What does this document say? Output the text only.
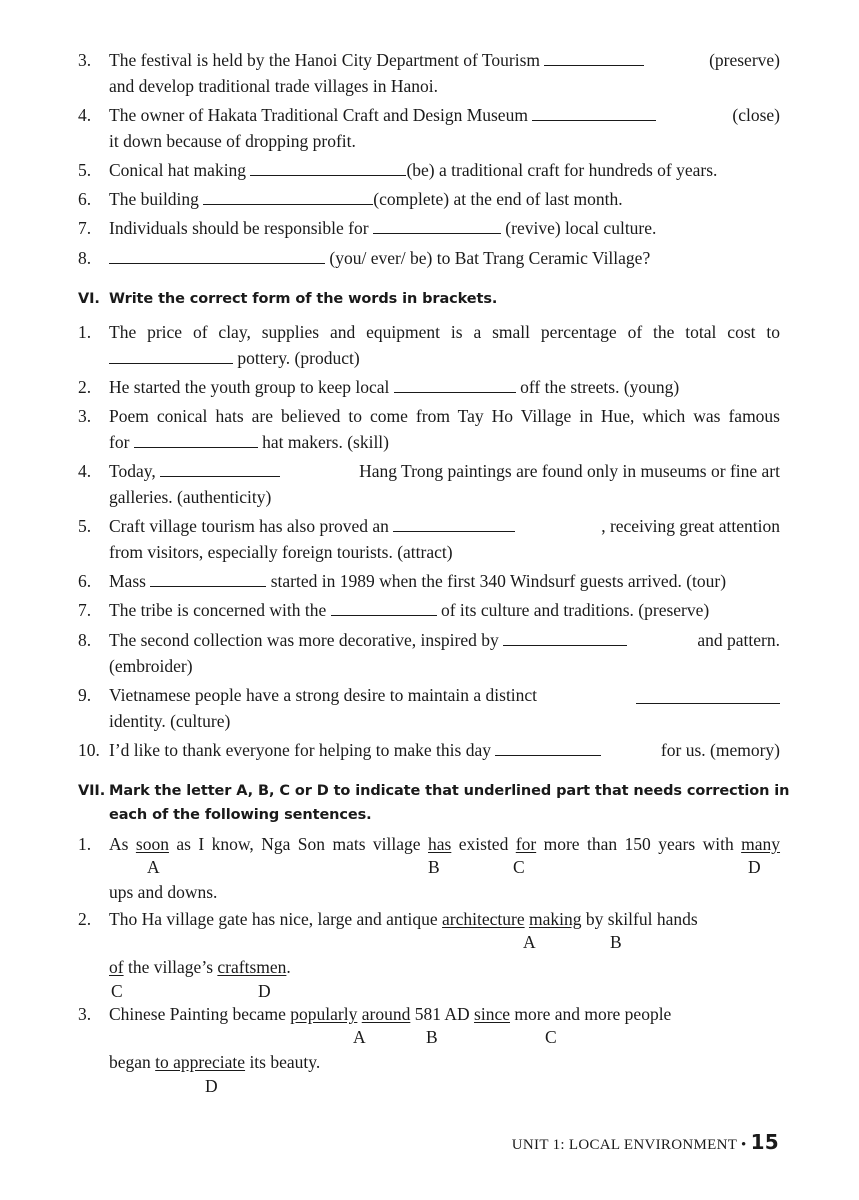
3. The festival is held by the Hanoi City Department of Tourism	(preserve)
and develop traditional trade villages in Hanoi.
4. The owner of Hakata Traditional Craft and Design Museum	(close)
it down because of dropping profit.
5. Conical hat making	(be) a traditional craft for hundreds of years.
6. The building	(complete) at the end of last month.
7. Individuals should be responsible for	(revive) local culture.
8.	(you/ ever/ be) to Bat Trang Ceramic Village?
VI. Write the correct form of the words in brackets.
1. The price of clay, supplies and equipment is a small percentage of the total cost to
pottery. (product)
2. He started the youth group to keep local	off the streets. (young)
3. Poem conical hats are believed to come from Tay Ho Village in Hue, which was famous
for	hat makers. (skill)
4. Today,	Hang Trong paintings are found only in museums or fine art
galleries. (authenticity)
5. Craft village tourism has also proved an	, receiving great attention
from visitors, especially foreign tourists. (attract)
6. Mass	started in 1989 when the first 340 Windsurf guests arrived. (tour)
7. The tribe is concerned with the	of its culture and traditions. (preserve)
8. The second collection was more decorative, inspired by	and pattern.
(embroider)
9. Vietnamese people have a strong desire to maintain a distinct
identity. (culture)
10. I’d like to thank everyone for helping to make this day	for us. (memory)
VII. Mark the letter A, B, C or D to indicate that underlined part that needs correction in
each of the following sentences.
1. As soon as I know, Nga Son mats village has existed for more than 150 years with many
ups and downs.
A	B	C	D
2. Tho Ha village gate has nice, large and antique architecture making by skilful hands
of the village’s craftsmen.
A	B
C	D
3. Chinese Painting became popularly around 581 AD since more and more people
began to appreciate its beauty.
A	B	C
D
UNIT 1: LOCAL ENVIRONMENT • 15
